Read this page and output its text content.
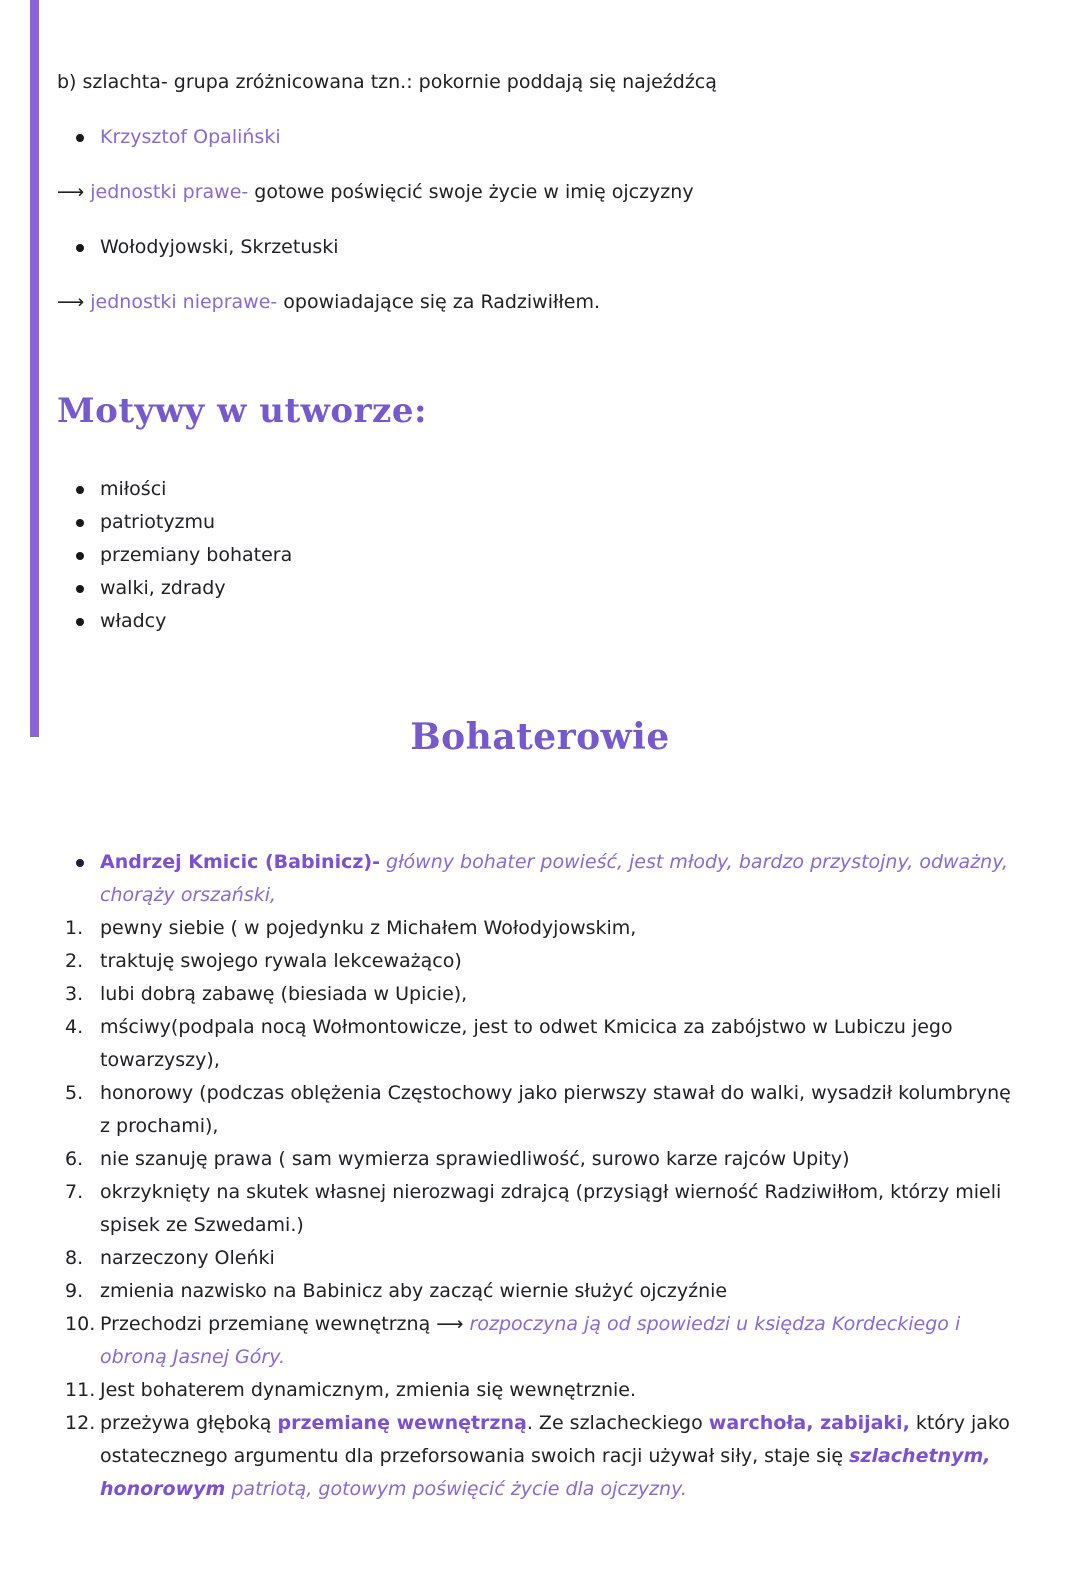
b) szlachta- grupa zróżnicowana tzn.: pokornie poddają się najeźdźcą

Krzysztof Opaliński

⟶ jednostki prawe- gotowe poświęcić swoje życie w imię ojczyzny

Wołodyjowski, Skrzetuski

⟶ jednostki nieprawe- opowiadające się za Radziwiłłem.

Motywy w utworze:
miłości
patriotyzmu
przemiany bohatera
walki, zdrady
władcy
Bohaterowie
Andrzej Kmicic (Babinicz)- główny bohater powieść, jest młody, bardzo przystojny, odważny, chorąży orszański,
pewny siebie ( w pojedynku z Michałem Wołodyjowskim,
traktuję swojego rywala lekceważąco)
lubi dobrą zabawę (biesiada w Upicie),
mściwy(podpala nocą Wołmontowicze, jest to odwet Kmicica za zabójstwo w Lubiczu jego towarzyszy),
honorowy (podczas oblężenia Częstochowy jako pierwszy stawał do walki, wysadził kolumbrynę z prochami),
nie szanuję prawa ( sam wymierza sprawiedliwość, surowo karze rajców Upity)
okrzyknięty na skutek własnej nierozwagi zdrajcą (przysiągł wierność Radziwiłłom, którzy mieli spisek ze Szwedami.)
narzeczony Oleńki
zmienia nazwisko na Babinicz aby zacząć wiernie służyć ojczyźnie
Przechodzi przemianę wewnętrzną ⟶ rozpoczyna ją od spowiedzi u księdza Kordeckiego i obroną Jasnej Góry.
Jest bohaterem dynamicznym, zmienia się wewnętrznie.
przeżywa głęboką przemianę wewnętrzną. Ze szlacheckiego warchoła, zabijaki, który jako ostatecznego argumentu dla przeforsowania swoich racji używał siły, staje się szlachetnym, honorowym patriotą, gotowym poświęcić życie dla ojczyzny.
